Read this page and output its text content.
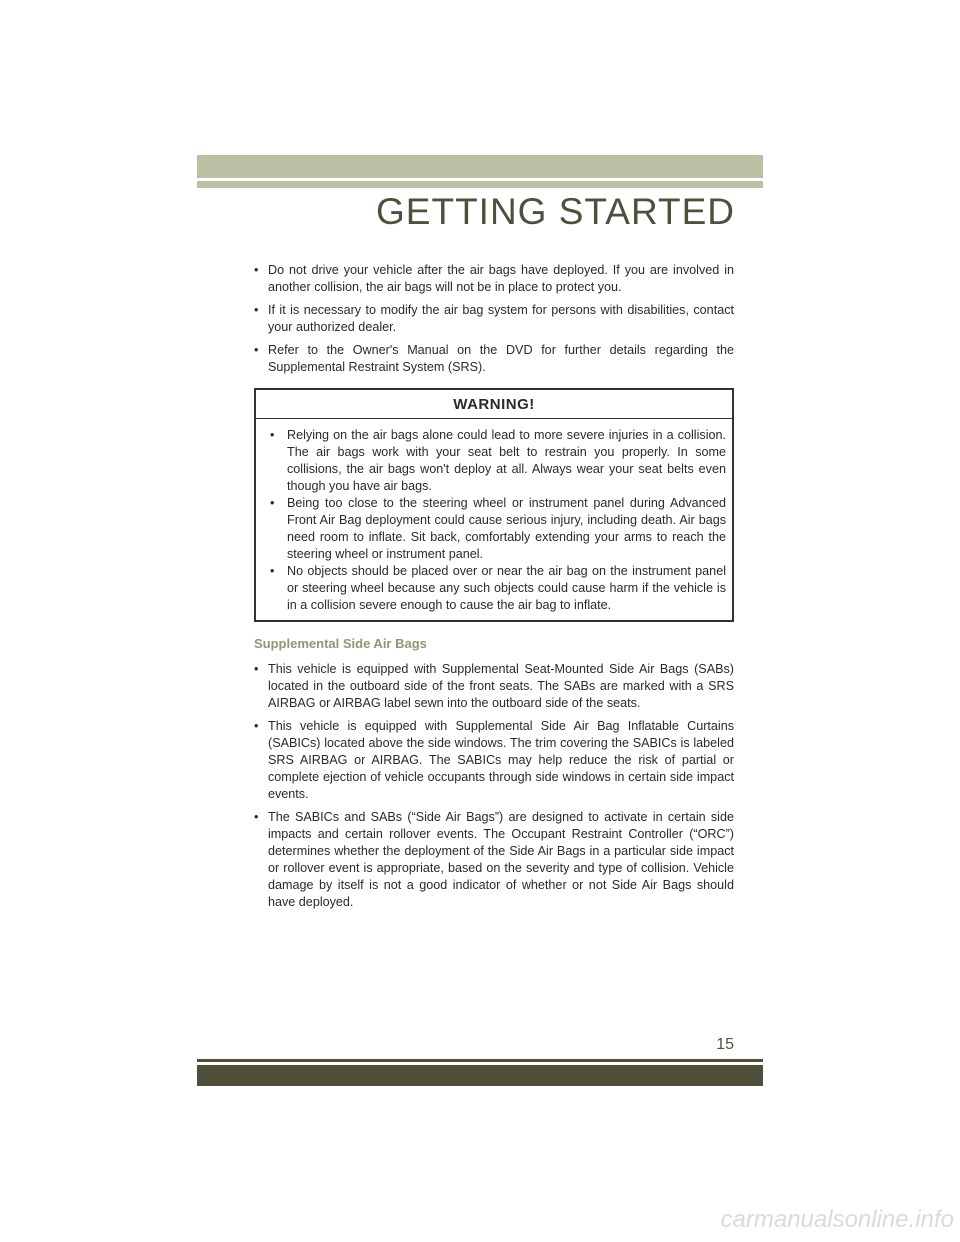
GETTING STARTED
• Do not drive your vehicle after the air bags have deployed. If you are involved in another collision, the air bags will not be in place to protect you.
• If it is necessary to modify the air bag system for persons with disabilities, contact your authorized dealer.
• Refer to the Owner's Manual on the DVD for further details regarding the Supplemental Restraint System (SRS).
WARNING!
• Relying on the air bags alone could lead to more severe injuries in a collision. The air bags work with your seat belt to restrain you properly. In some collisions, the air bags won't deploy at all. Always wear your seat belts even though you have air bags.
• Being too close to the steering wheel or instrument panel during Advanced Front Air Bag deployment could cause serious injury, including death. Air bags need room to inflate. Sit back, comfortably extending your arms to reach the steering wheel or instrument panel.
• No objects should be placed over or near the air bag on the instrument panel or steering wheel because any such objects could cause harm if the vehicle is in a collision severe enough to cause the air bag to inflate.
Supplemental Side Air Bags
• This vehicle is equipped with Supplemental Seat-Mounted Side Air Bags (SABs) located in the outboard side of the front seats. The SABs are marked with a SRS AIRBAG or AIRBAG label sewn into the outboard side of the seats.
• This vehicle is equipped with Supplemental Side Air Bag Inflatable Curtains (SABICs) located above the side windows. The trim covering the SABICs is labeled SRS AIRBAG or AIRBAG. The SABICs may help reduce the risk of partial or complete ejection of vehicle occupants through side windows in certain side impact events.
• The SABICs and SABs (“Side Air Bags”) are designed to activate in certain side impacts and certain rollover events. The Occupant Restraint Controller (“ORC”) determines whether the deployment of the Side Air Bags in a particular side impact or rollover event is appropriate, based on the severity and type of collision. Vehicle damage by itself is not a good indicator of whether or not Side Air Bags should have deployed.
15
carmanualsonline.info
